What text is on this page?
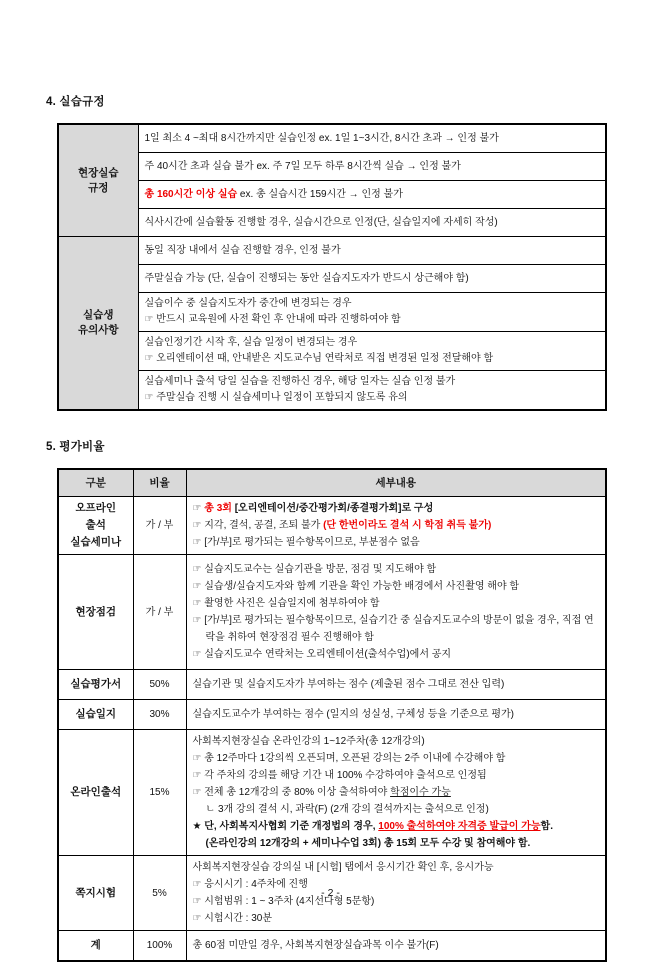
4. 실습규정
현장실습
규정	1일 최소 4 ~최대 8시간까지만 실습인정 ex. 1일 1~3시간, 8시간 초과 → 인정 불가
	주 40시간 초과 실습 불가 ex. 주 7일 모두 하루 8시간씩 실습 → 인정 불가
	총 160시간 이상 실습 ex. 총 실습시간 159시간 → 인정 불가
	식사시간에 실습활동 진행할 경우, 실습시간으로 인정(단, 실습일지에 자세히 작성)

실습생
유의사항	동일 직장 내에서 실습 진행할 경우, 인정 불가
	주말실습 가능 (단, 실습이 진행되는 동안 실습지도자가 반드시 상근해야 함)

	실습이수 중 실습지도자가 중간에 변경되는 경우
☞ 반드시 교육원에 사전 확인 후 안내에 따라 진행하여야 함

	실습인정기간 시작 후, 실습 일정이 변경되는 경우
☞ 오리엔테이션 때, 안내받은 지도교수님 연락처로 직접 변경된 일정 전달해야 함

	실습세미나 출석 당일 실습을 진행하신 경우, 해당 일자는 실습 인정 불가
☞ 주말실습 진행 시 실습세미나 일정이 포함되지 않도록 유의
5. 평가비율
구분	비율	세부내용

오프라인
출석
실습세미나
	가 / 부	
☞ 총 3회 [오리엔테이션/중간평가회/종결평가회]로 구성
☞ 지각, 결석, 공결, 조퇴 불가 (단 한번이라도 결석 시 학점 취득 불가)
☞ [가/부]로 평가되는 필수항목이므로, 부분점수 없음

현장점검	가 / 부	☞ 실습지도교수는 실습기관을 방문, 점검 및 지도해야 함
☞ 실습생/실습지도자와 함께 기관을 확인 가능한 배경에서 사진촬영 해야 함
☞ 촬영한 사진은 실습일지에 첨부하여야 함
☞ [가/부]로 평가되는 필수항목이므로, 실습기간 중 실습지도교수의 방문이 없을 경우, 직접 연락을 취하여 현장점검 필수 진행해야 함
☞ 실습지도교수 연락처는 오리엔테이션(출석수업)에서 공지

실습평가서	50%	실습기관 및 실습지도자가 부여하는 점수 (제출된 점수 그대로 전산 입력)
실습일지	30%	실습지도교수가 부여하는 점수 (일지의 성실성, 구체성 등을 기준으로 평가)
온라인출석	15%	
사회복지현장실습 온라인강의 1~12주차(총 12개강의)
☞ 총 12주마다 1강의씩 오픈되며, 오픈된 강의는 2주 이내에 수강해야 함
☞ 각 주차의 강의를 해당 기간 내 100% 수강하여야 출석으로 인정됨
☞ 전체 총 12개강의 중 80% 이상 출석하여야 학점이수 가능
ㄴ 3개 강의 결석 시, 과락(F) (2개 강의 결석까지는 출석으로 인정)
★ 단, 사회복지사협회 기준 개정법의 경우, 100% 출석하여야 자격증 발급이 가능함.
(온라인강의 12개강의 + 세미나수업 3회) 총 15회 모두 수강 및 참여해야 함.

쪽지시험	5%	사회복지현장실습 강의실 내 [시험] 탭에서 응시기간 확인 후, 응시가능
☞ 응시시기 : 4주차에 진행
☞ 시험범위 : 1 ~ 3주차 (4지선다형 5문항)
☞ 시험시간 : 30분

계	100%	총 60점 미만일 경우, 사회복지현장실습과목 이수 불가(F)
- 2 -
